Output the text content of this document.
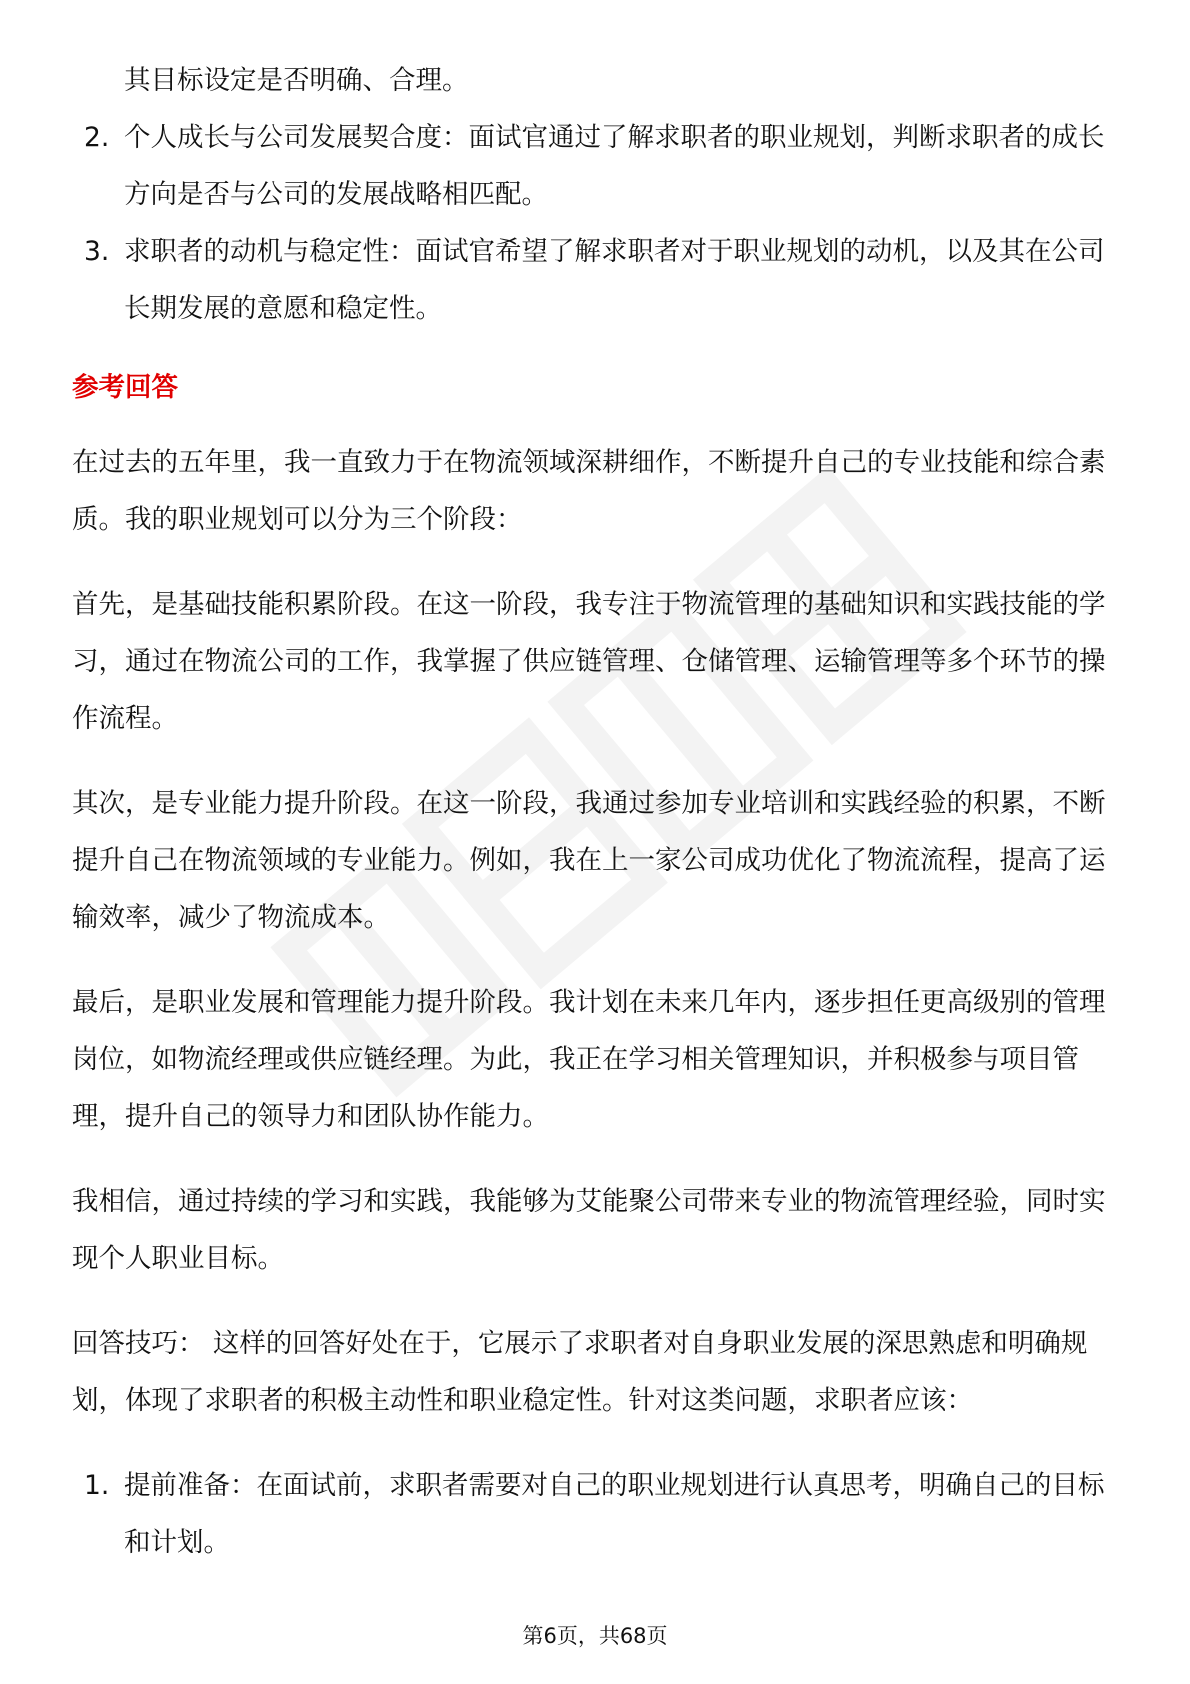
其目标设定是否明确、合理。
2. 个人成长与公司发展契合度：面试官通过了解求职者的职业规划，判断求职者的成长方向是否与公司的发展战略相匹配。
3. 求职者的动机与稳定性：面试官希望了解求职者对于职业规划的动机，以及其在公司长期发展的意愿和稳定性。
参考回答

在过去的五年里，我一直致力于在物流领域深耕细作，不断提升自己的专业技能和综合素质。我的职业规划可以分为三个阶段：

首先，是基础技能积累阶段。在这一阶段，我专注于物流管理的基础知识和实践技能的学习，通过在物流公司的工作，我掌握了供应链管理、仓储管理、运输管理等多个环节的操作流程。

其次，是专业能力提升阶段。在这一阶段，我通过参加专业培训和实践经验的积累，不断提升自己在物流领域的专业能力。例如，我在上一家公司成功优化了物流流程，提高了运输效率，减少了物流成本。

最后，是职业发展和管理能力提升阶段。我计划在未来几年内，逐步担任更高级别的管理岗位，如物流经理或供应链经理。为此，我正在学习相关管理知识，并积极参与项目管理，提升自己的领导力和团队协作能力。

我相信，通过持续的学习和实践，我能够为艾能聚公司带来专业的物流管理经验，同时实现个人职业目标。

回答技巧： 这样的回答好处在于，它展示了求职者对自身职业发展的深思熟虑和明确规划，体现了求职者的积极主动性和职业稳定性。针对这类问题，求职者应该：

1. 提前准备：在面试前，求职者需要对自己的职业规划进行认真思考，明确自己的目标和计划。
第6页，共68页
